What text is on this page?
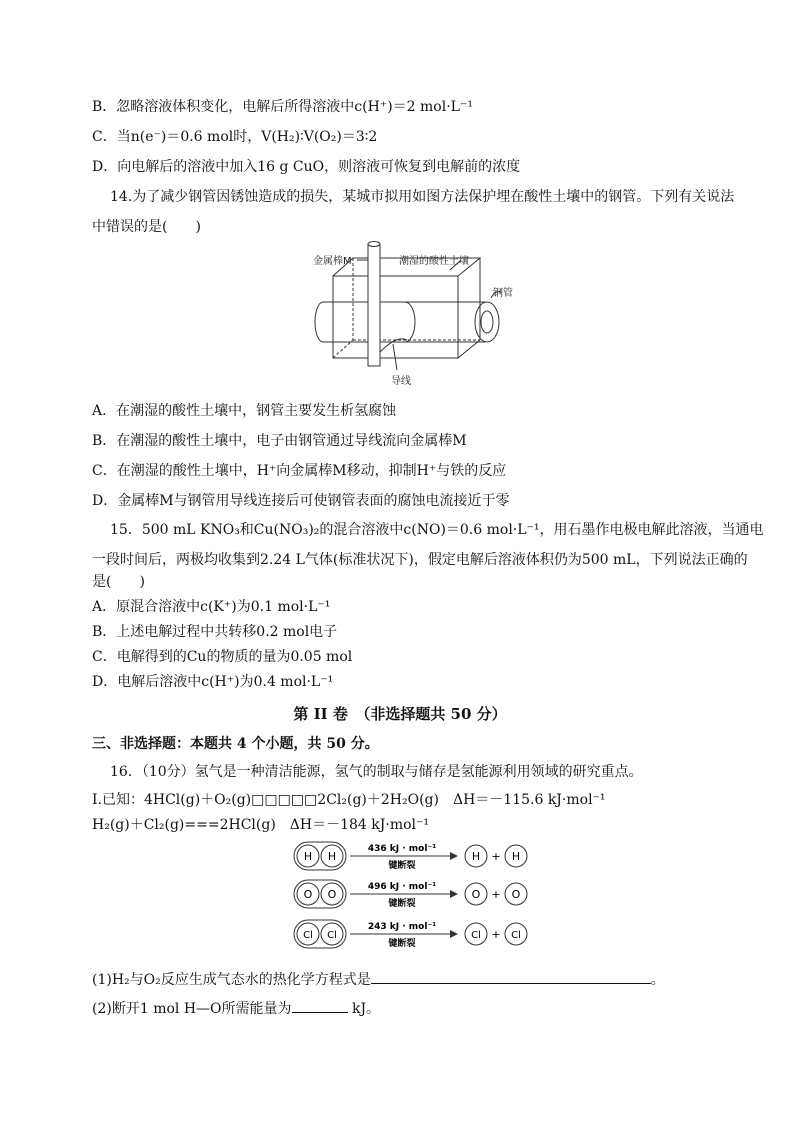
B．忽略溶液体积变化，电解后所得溶液中c(H⁺)＝2 mol·L⁻¹
C．当n(e⁻)＝0.6 mol时，V(H₂)∶V(O₂)＝3∶2
D．向电解后的溶液中加入16 g CuO，则溶液可恢复到电解前的浓度
14.为了减少钢管因锈蚀造成的损失，某城市拟用如图方法保护埋在酸性土壤中的钢管。下列有关说法
中错误的是(　　)
金属棒M	潮湿的酸性土壤
钢管
导线
A．在潮湿的酸性土壤中，钢管主要发生析氢腐蚀
B．在潮湿的酸性土壤中，电子由钢管通过导线流向金属棒M
C．在潮湿的酸性土壤中，H⁺向金属棒M移动，抑制H⁺与铁的反应
D．金属棒M与钢管用导线连接后可使钢管表面的腐蚀电流接近于零
15．500 mL KNO₃和Cu(NO₃)₂的混合溶液中c(NO)＝0.6 mol·L⁻¹，用石墨作电极电解此溶液，当通电
一段时间后，两极均收集到2.24 L气体(标准状况下)，假定电解后溶液体积仍为500 mL，下列说法正确的
是(　　)
A．原混合溶液中c(K⁺)为0.1 mol·L⁻¹
B．上述电解过程中共转移0.2 mol电子
C．电解得到的Cu的物质的量为0.05 mol
D．电解后溶液中c(H⁺)为0.4 mol·L⁻¹
第 II 卷　（非选择题共 50 分）
三、非选择题：本题共 4 个小题，共 50 分。
16．（10分）氢气是一种清洁能源，氢气的制取与储存是氢能源利用领域的研究重点。
Ⅰ.已知：4HCl(g)＋O₂(g)□□□□□2Cl₂(g)＋2H₂O(g)　ΔH＝－115.6 kJ·mol⁻¹
H₂(g)＋Cl₂(g)===2HCl(g)　ΔH＝－184 kJ·mol⁻¹
H H
436 kJ · mol⁻¹
键断裂
H + H
O O
496 kJ · mol⁻¹
键断裂
O + O
Cl Cl
243 kJ · mol⁻¹
键断裂
Cl + Cl
(1)H₂与O₂反应生成气态水的热化学方程式是	。
(2)断开1 mol H—O所需能量为	kJ。
